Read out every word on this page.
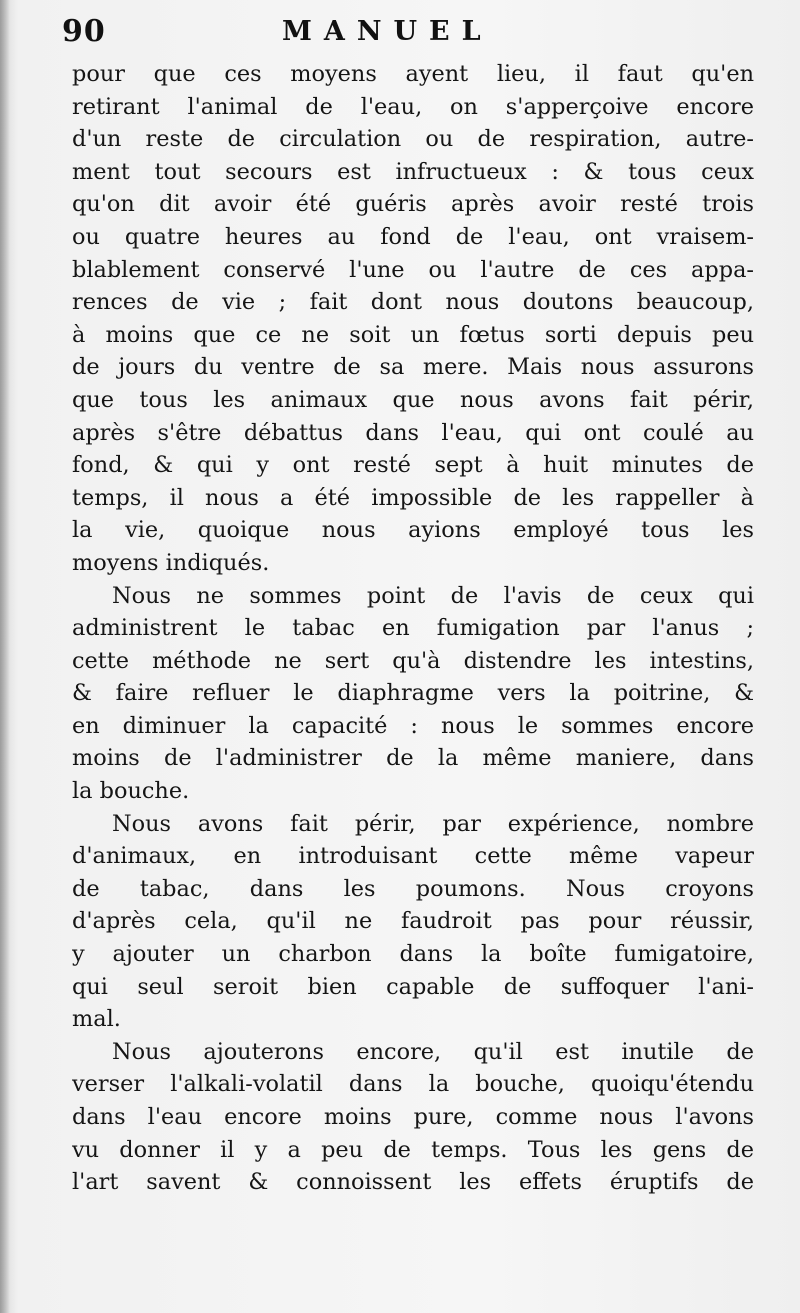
90	MANUEL
pour que ces moyens ayent lieu, il faut qu'en
retirant l'animal de l'eau, on s'apperçoive encore
d'un reste de circulation ou de respiration, autre-
ment tout secours est infructueux : & tous ceux
qu'on dit avoir été guéris après avoir resté trois
ou quatre heures au fond de l'eau, ont vraisem-
blablement conservé l'une ou l'autre de ces appa-
rences de vie ; fait dont nous doutons beaucoup,
à moins que ce ne soit un fœtus sorti depuis peu
de jours du ventre de sa mere. Mais nous assurons
que tous les animaux que nous avons fait périr,
après s'être débattus dans l'eau, qui ont coulé au
fond, & qui y ont resté sept à huit minutes de
temps, il nous a été impossible de les rappeller à
la vie, quoique nous ayions employé tous les
moyens indiqués.
Nous ne sommes point de l'avis de ceux qui
administrent le tabac en fumigation par l'anus ;
cette méthode ne sert qu'à distendre les intestins,
& faire refluer le diaphragme vers la poitrine, &
en diminuer la capacité : nous le sommes encore
moins de l'administrer de la même maniere, dans
la bouche.
Nous avons fait périr, par expérience, nombre
d'animaux, en introduisant cette même vapeur
de tabac, dans les poumons. Nous croyons
d'après cela, qu'il ne faudroit pas pour réussir,
y ajouter un charbon dans la boîte fumigatoire,
qui seul seroit bien capable de suffoquer l'ani-
mal.
Nous ajouterons encore, qu'il est inutile de
verser l'alkali-volatil dans la bouche, quoiqu'étendu
dans l'eau encore moins pure, comme nous l'avons
vu donner il y a peu de temps. Tous les gens de
l'art savent & connoissent les effets éruptifs de
